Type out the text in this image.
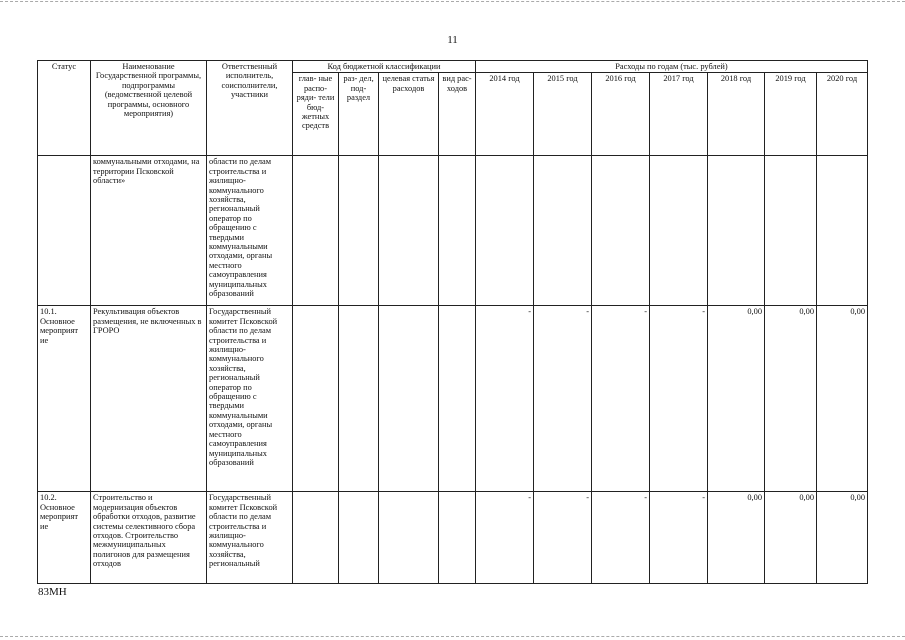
11
Статус	Наименование Государственной программы, подпрограммы (ведомственной целевой программы, основного мероприятия)	Ответственный исполнитель, соисполнители, участники	Код бюджетной классификации				Расходы по годам (тыс. рублей)						
			глав- ные распо- ряди- тели бюд- жетных средств	раз- дел, под- раздел	целевая статья расходов	вид рас- ходов	2014 год	2015 год	2016 год	2017 год	2018 год	2019 год	2020 год
	коммунальными отходами, на территории Псковской области»	области по делам строительства и жилищно- коммунального хозяйства, региональный оператор по обращению с твердыми коммунальными отходами, органы местного самоуправления муниципальных образований											
10.1. Основное мероприят ие	Рекультивация объектов размещения, не включенных в ГРОРО	Государственный комитет Псковской области по делам строительства и жилищно- коммунального хозяйства, региональный оператор по обращению с твердыми коммунальными отходами, органы местного самоуправления муниципальных образований					-	-	-	-	0,00	0,00	0,00
10.2. Основное мероприят ие	Строительство и модернизация объектов обработки отходов, развитие системы селективного сбора отходов. Строительство межмуниципальных полигонов для размещения отходов	Государственный комитет Псковской области по делам строительства и жилищно- коммунального хозяйства, региональный					-	-	-	-	0,00	0,00	0,00
83МН
